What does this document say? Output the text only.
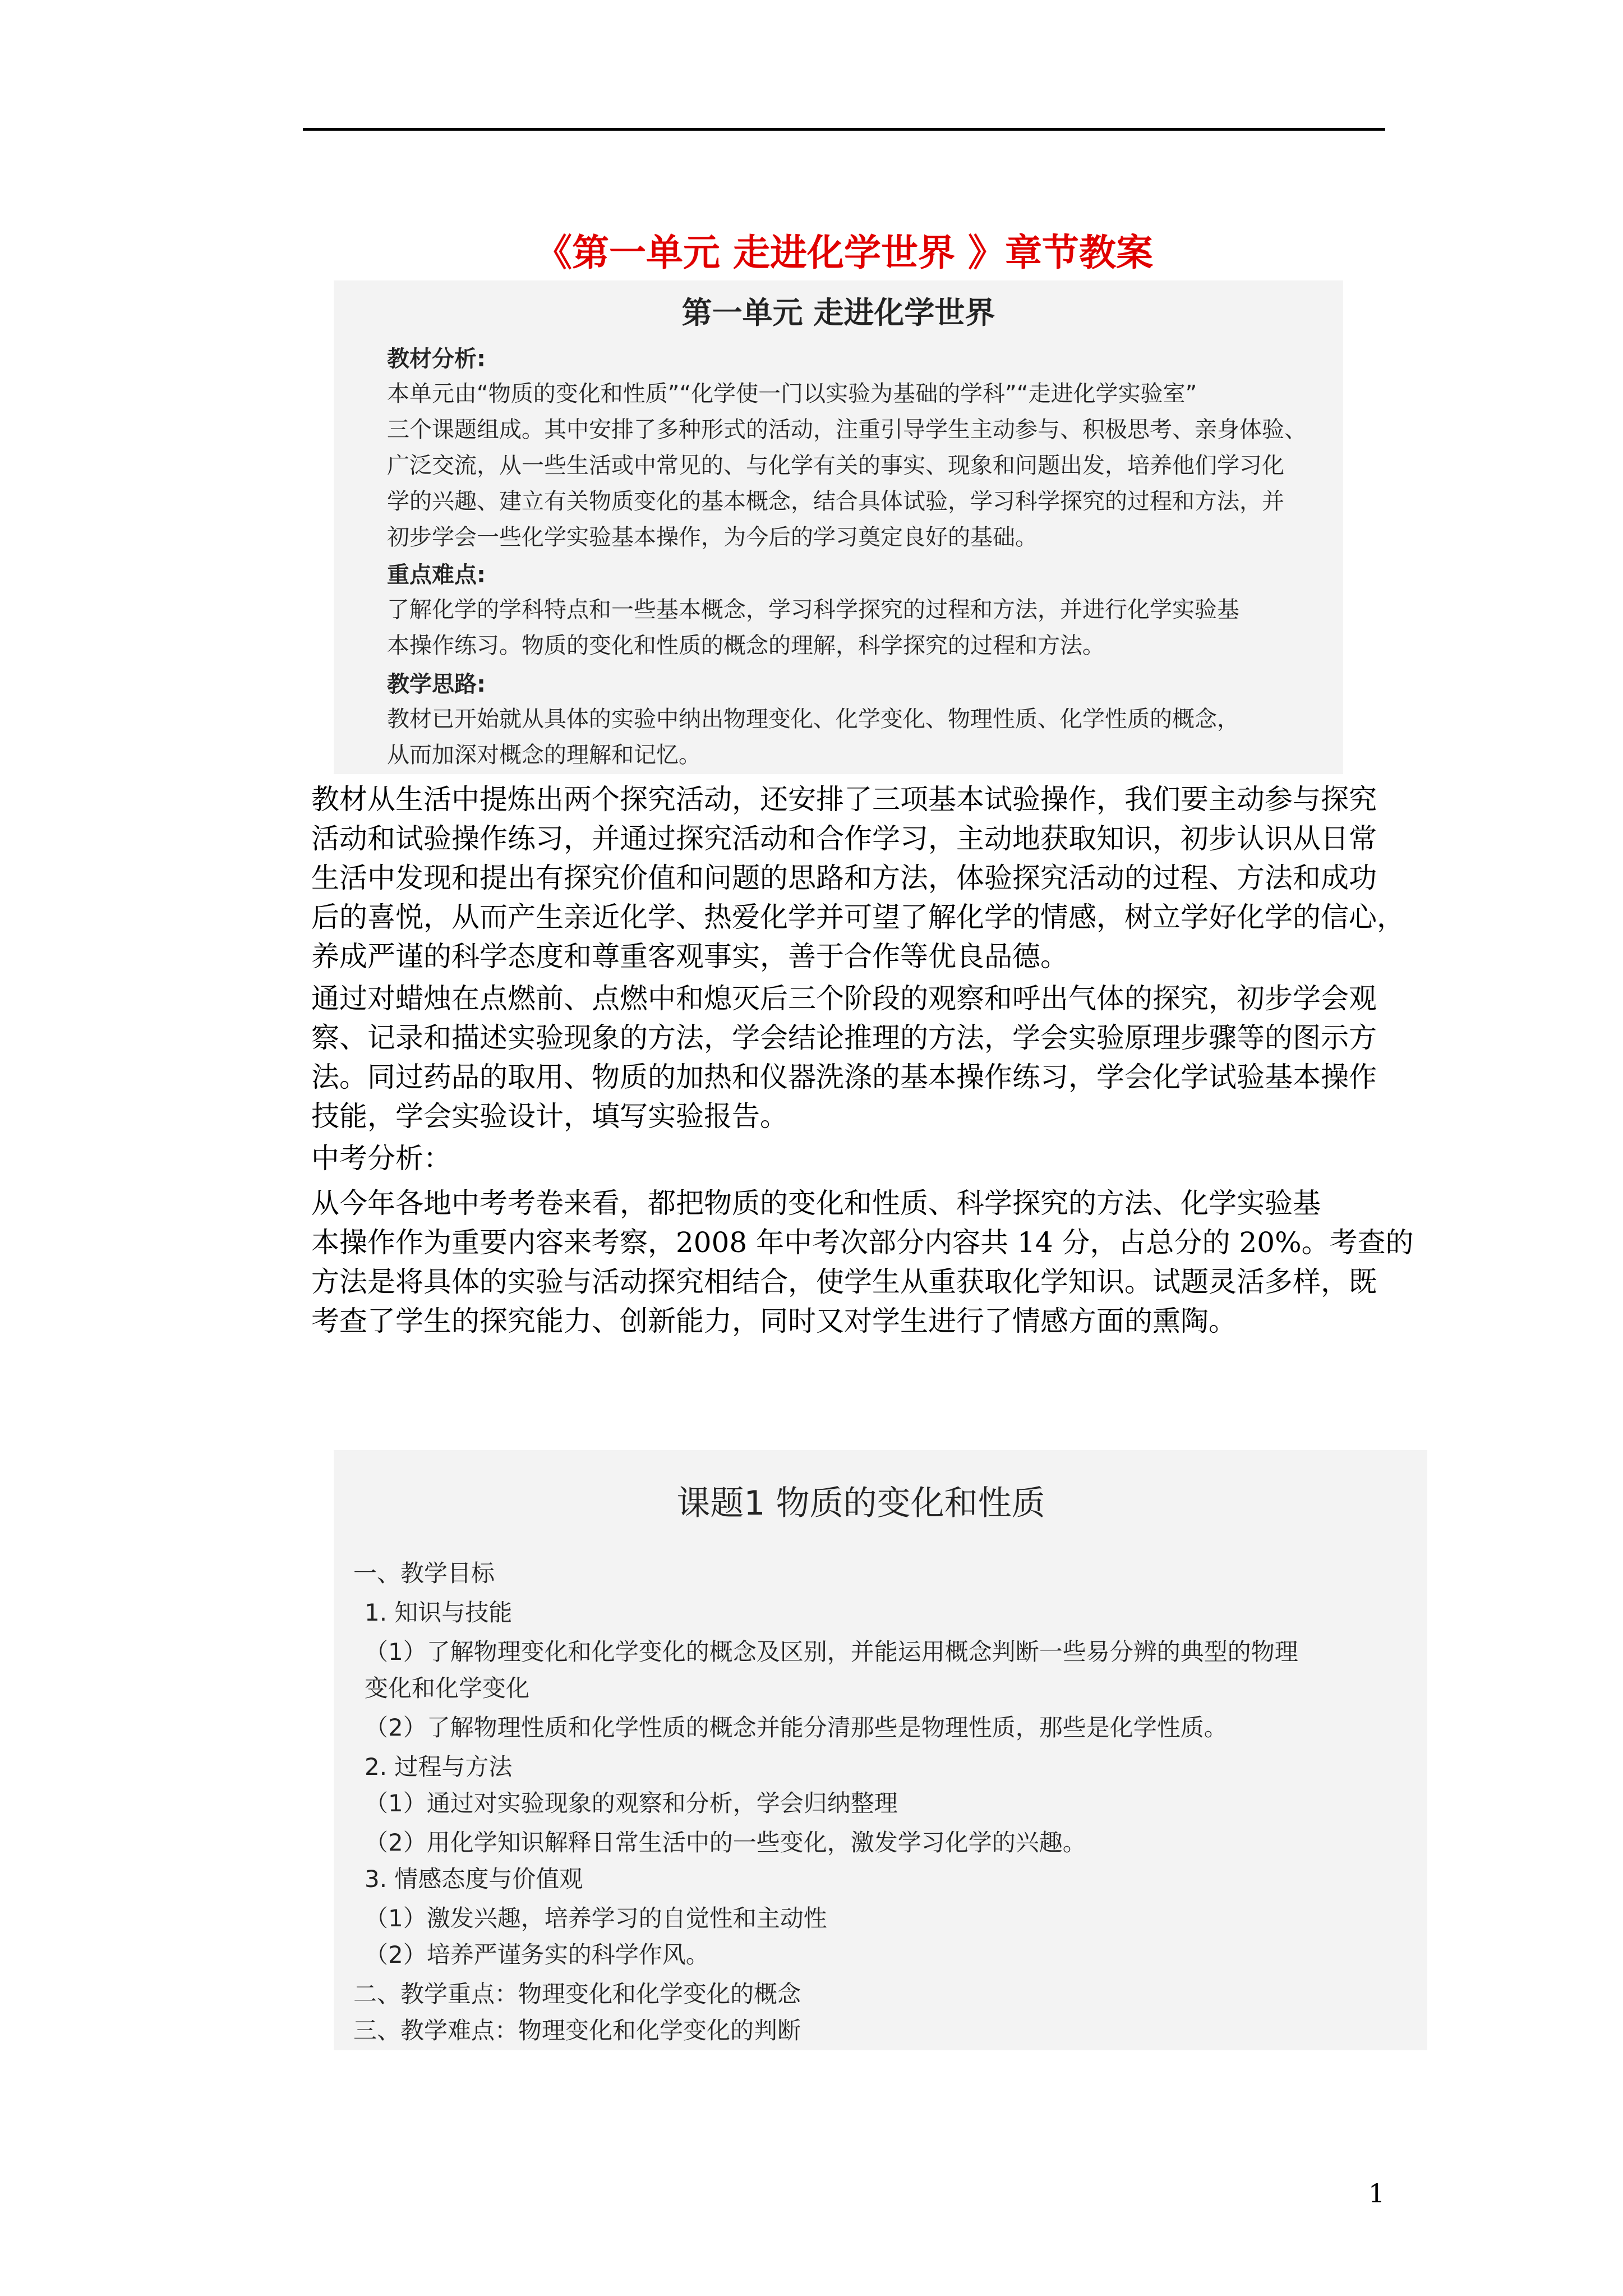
《第一单元 走进化学世界 》章节教案
第一单元 走进化学世界
教材分析:

本单元由“物质的变化和性质”“化学使一门以实验为基础的学科”“走进化学实验室”

三个课题组成。其中安排了多种形式的活动，注重引导学生主动参与、积极思考、亲身体验、

广泛交流，从一些生活或中常见的、与化学有关的事实、现象和问题出发，培养他们学习化

学的兴趣、建立有关物质变化的基本概念，结合具体试验，学习科学探究的过程和方法，并

初步学会一些化学实验基本操作，为今后的学习奠定良好的基础。

重点难点:

了解化学的学科特点和一些基本概念，学习科学探究的过程和方法，并进行化学实验基

本操作练习。物质的变化和性质的概念的理解，科学探究的过程和方法。

教学思路:

教材已开始就从具体的实验中纳出物理变化、化学变化、物理性质、化学性质的概念，

从而加深对概念的理解和记忆。

教材从生活中提炼出两个探究活动，还安排了三项基本试验操作，我们要主动参与探究

活动和试验操作练习，并通过探究活动和合作学习，主动地获取知识，初步认识从日常

生活中发现和提出有探究价值和问题的思路和方法，体验探究活动的过程、方法和成功

后的喜悦，从而产生亲近化学、热爱化学并可望了解化学的情感，树立学好化学的信心，

养成严谨的科学态度和尊重客观事实，善于合作等优良品德。

通过对蜡烛在点燃前、点燃中和熄灭后三个阶段的观察和呼出气体的探究，初步学会观

察、记录和描述实验现象的方法，学会结论推理的方法，学会实验原理步骤等的图示方

法。同过药品的取用、物质的加热和仪器洗涤的基本操作练习，学会化学试验基本操作

技能，学会实验设计，填写实验报告。

中考分析：

从今年各地中考考卷来看，都把物质的变化和性质、科学探究的方法、化学实验基

本操作作为重要内容来考察，2008 年中考次部分内容共 14 分，占总分的 20%。考查的

方法是将具体的实验与活动探究相结合，使学生从重获取化学知识。试题灵活多样，既

考查了学生的探究能力、创新能力，同时又对学生进行了情感方面的熏陶。

课题1 物质的变化和性质
一、教学目标
1. 知识与技能
（1）了解物理变化和化学变化的概念及区别，并能运用概念判断一些易分辨的典型的物理
变化和化学变化
（2）了解物理性质和化学性质的概念并能分清那些是物理性质，那些是化学性质。
2. 过程与方法
（1）通过对实验现象的观察和分析，学会归纳整理
（2）用化学知识解释日常生活中的一些变化，激发学习化学的兴趣。
3. 情感态度与价值观
（1）激发兴趣，培养学习的自觉性和主动性
（2）培养严谨务实的科学作风。
二、教学重点：物理变化和化学变化的概念
三、教学难点：物理变化和化学变化的判断
1
